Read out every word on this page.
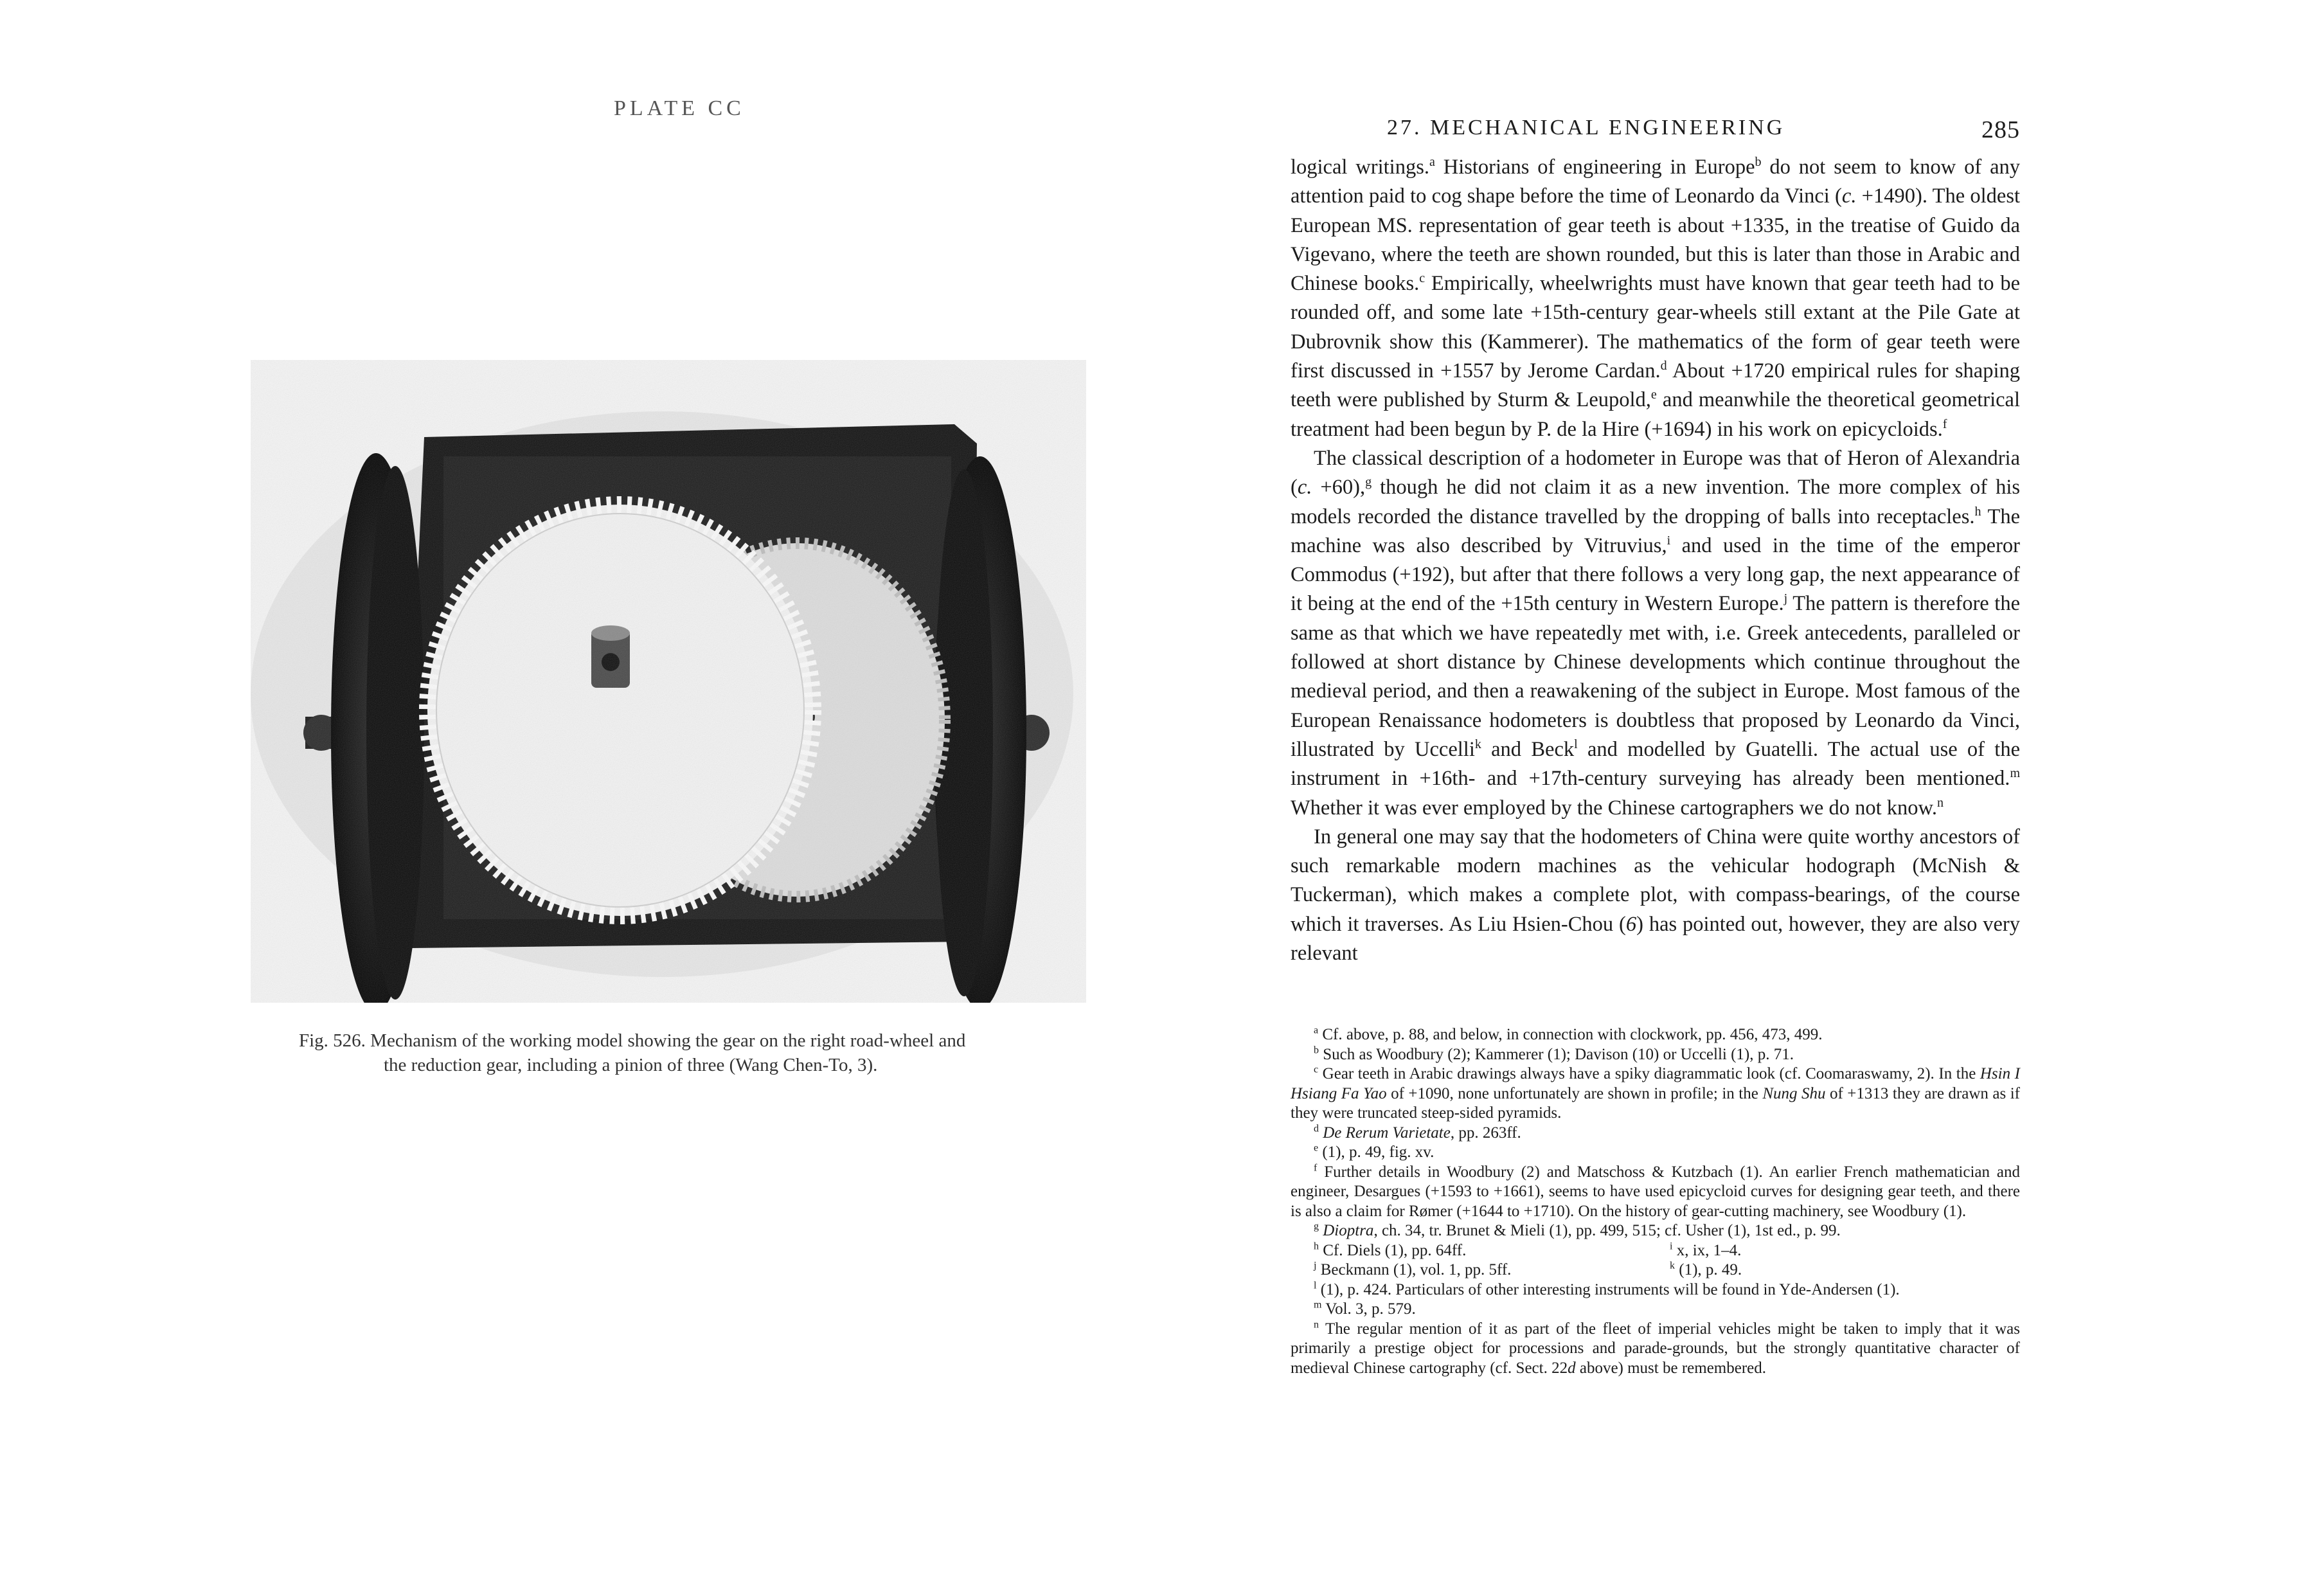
PLATE CC
Fig. 526. Mechanism of the working model showing the gear on the right road-wheel and
the reduction gear, including a pinion of three (Wang Chen-To, 3).
27. MECHANICAL ENGINEERING	285

logical writings.$^a$ Historians of engineering in Europe$^b$ do not seem to know of any attention paid to cog shape before the time of Leonardo da Vinci (c. +1490). The oldest European MS. representation of gear teeth is about +1335, in the treatise of Guido da Vigevano, where the teeth are shown rounded, but this is later than those in Arabic and Chinese books.$^c$ Empirically, wheelwrights must have known that gear teeth had to be rounded off, and some late +15th-century gear-wheels still extant at the Pile Gate at Dubrovnik show this (Kammerer). The mathematics of the form of gear teeth were first discussed in +1557 by Jerome Cardan.$^d$ About +1720 empirical rules for shaping teeth were published by Sturm & Leupold,$^e$ and meanwhile the theoretical geometrical treatment had been begun by P. de la Hire (+1694) in his work on epicycloids.$^f$

The classical description of a hodometer in Europe was that of Heron of Alexandria (c. +60),$^g$ though he did not claim it as a new invention. The more complex of his models recorded the distance travelled by the dropping of balls into receptacles.$^h$ The machine was also described by Vitruvius,$^i$ and used in the time of the emperor Commodus (+192), but after that there follows a very long gap, the next appearance of it being at the end of the +15th century in Western Europe.$^j$ The pattern is therefore the same as that which we have repeatedly met with, i.e. Greek antecedents, paralleled or followed at short distance by Chinese developments which continue throughout the medieval period, and then a reawakening of the subject in Europe. Most famous of the European Renaissance hodometers is doubtless that proposed by Leonardo da Vinci, illustrated by Uccelli$^k$ and Beck$^l$ and modelled by Guatelli. The actual use of the instrument in +16th- and +17th-century surveying has already been mentioned.$^m$ Whether it was ever employed by the Chinese cartographers we do not know.$^n$

In general one may say that the hodometers of China were quite worthy ancestors of such remarkable modern machines as the vehicular hodograph (McNish & Tuckerman), which makes a complete plot, with compass-bearings, of the course which it traverses. As Liu Hsien-Chou (6) has pointed out, however, they are also very relevant

$^a$ Cf. above, p. 88, and below, in connection with clockwork, pp. 456, 473, 499.
$^b$ Such as Woodbury (2); Kammerer (1); Davison (10) or Uccelli (1), p. 71.
$^c$ Gear teeth in Arabic drawings always have a spiky diagrammatic look (cf. Coomaraswamy, 2). In the Hsin I Hsiang Fa Yao of +1090, none unfortunately are shown in profile; in the Nung Shu of +1313 they are drawn as if they were truncated steep-sided pyramids.
$^d$ De Rerum Varietate, pp. 263ff.
$^e$ (1), p. 49, fig. xv.
$^f$ Further details in Woodbury (2) and Matschoss & Kutzbach (1). An earlier French mathematician and engineer, Desargues (+1593 to +1661), seems to have used epicycloid curves for designing gear teeth, and there is also a claim for Rømer (+1644 to +1710). On the history of gear-cutting machinery, see Woodbury (1).
$^g$ Dioptra, ch. 34, tr. Brunet & Mieli (1), pp. 499, 515; cf. Usher (1), 1st ed., p. 99.
$^h$ Cf. Diels (1), pp. 64ff.	$^i$ x, ix, 1–4.
$^j$ Beckmann (1), vol. 1, pp. 5ff.	$^k$ (1), p. 49.
$^l$ (1), p. 424. Particulars of other interesting instruments will be found in Yde-Andersen (1).
$^m$ Vol. 3, p. 579.
$^n$ The regular mention of it as part of the fleet of imperial vehicles might be taken to imply that it was primarily a prestige object for processions and parade-grounds, but the strongly quantitative character of medieval Chinese cartography (cf. Sect. 22d above) must be remembered.
